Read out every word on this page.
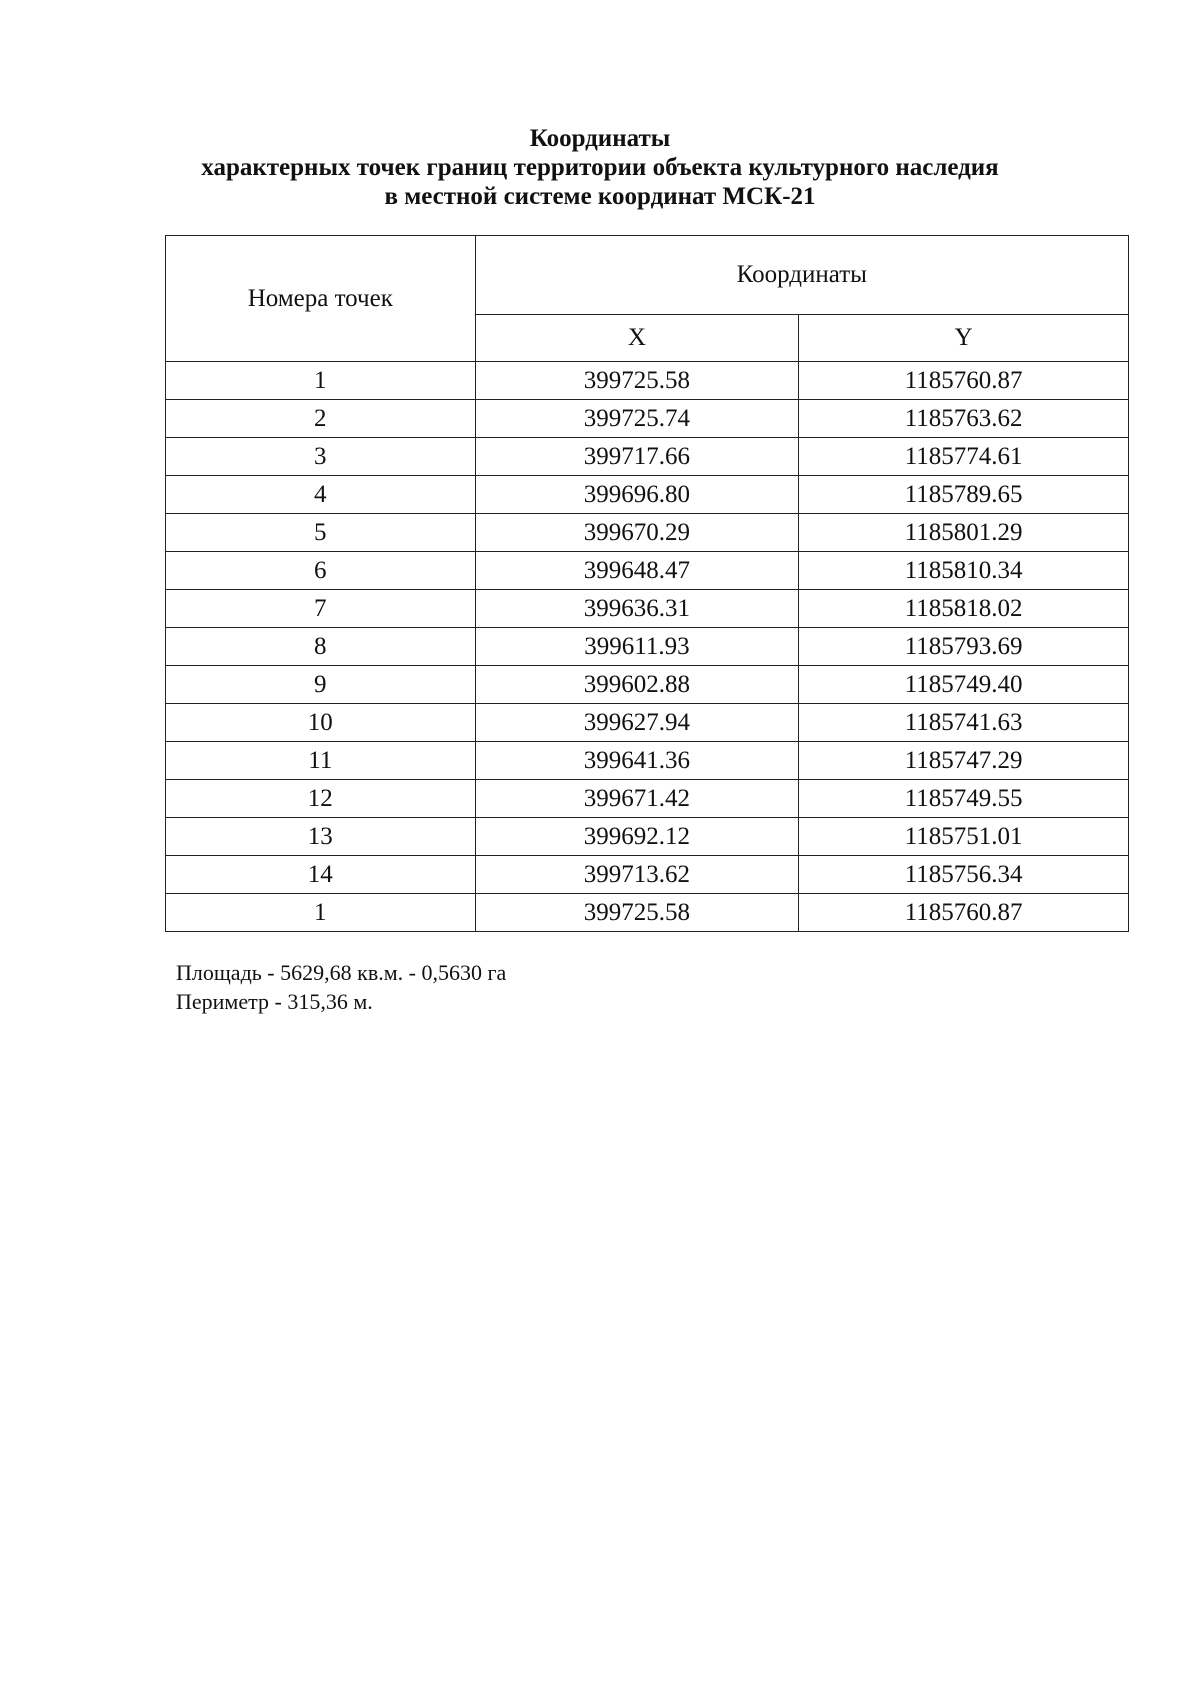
Координаты
характерных точек границ территории объекта культурного наследия
в местной системе координат МСК-21
Номера точек	Координаты	
	X	Y
1	399725.58	1185760.87
2	399725.74	1185763.62
3	399717.66	1185774.61
4	399696.80	1185789.65
5	399670.29	1185801.29
6	399648.47	1185810.34
7	399636.31	1185818.02
8	399611.93	1185793.69
9	399602.88	1185749.40
10	399627.94	1185741.63
11	399641.36	1185747.29
12	399671.42	1185749.55
13	399692.12	1185751.01
14	399713.62	1185756.34
1	399725.58	1185760.87
Площадь - 5629,68 кв.м. - 0,5630 га
Периметр - 315,36 м.
